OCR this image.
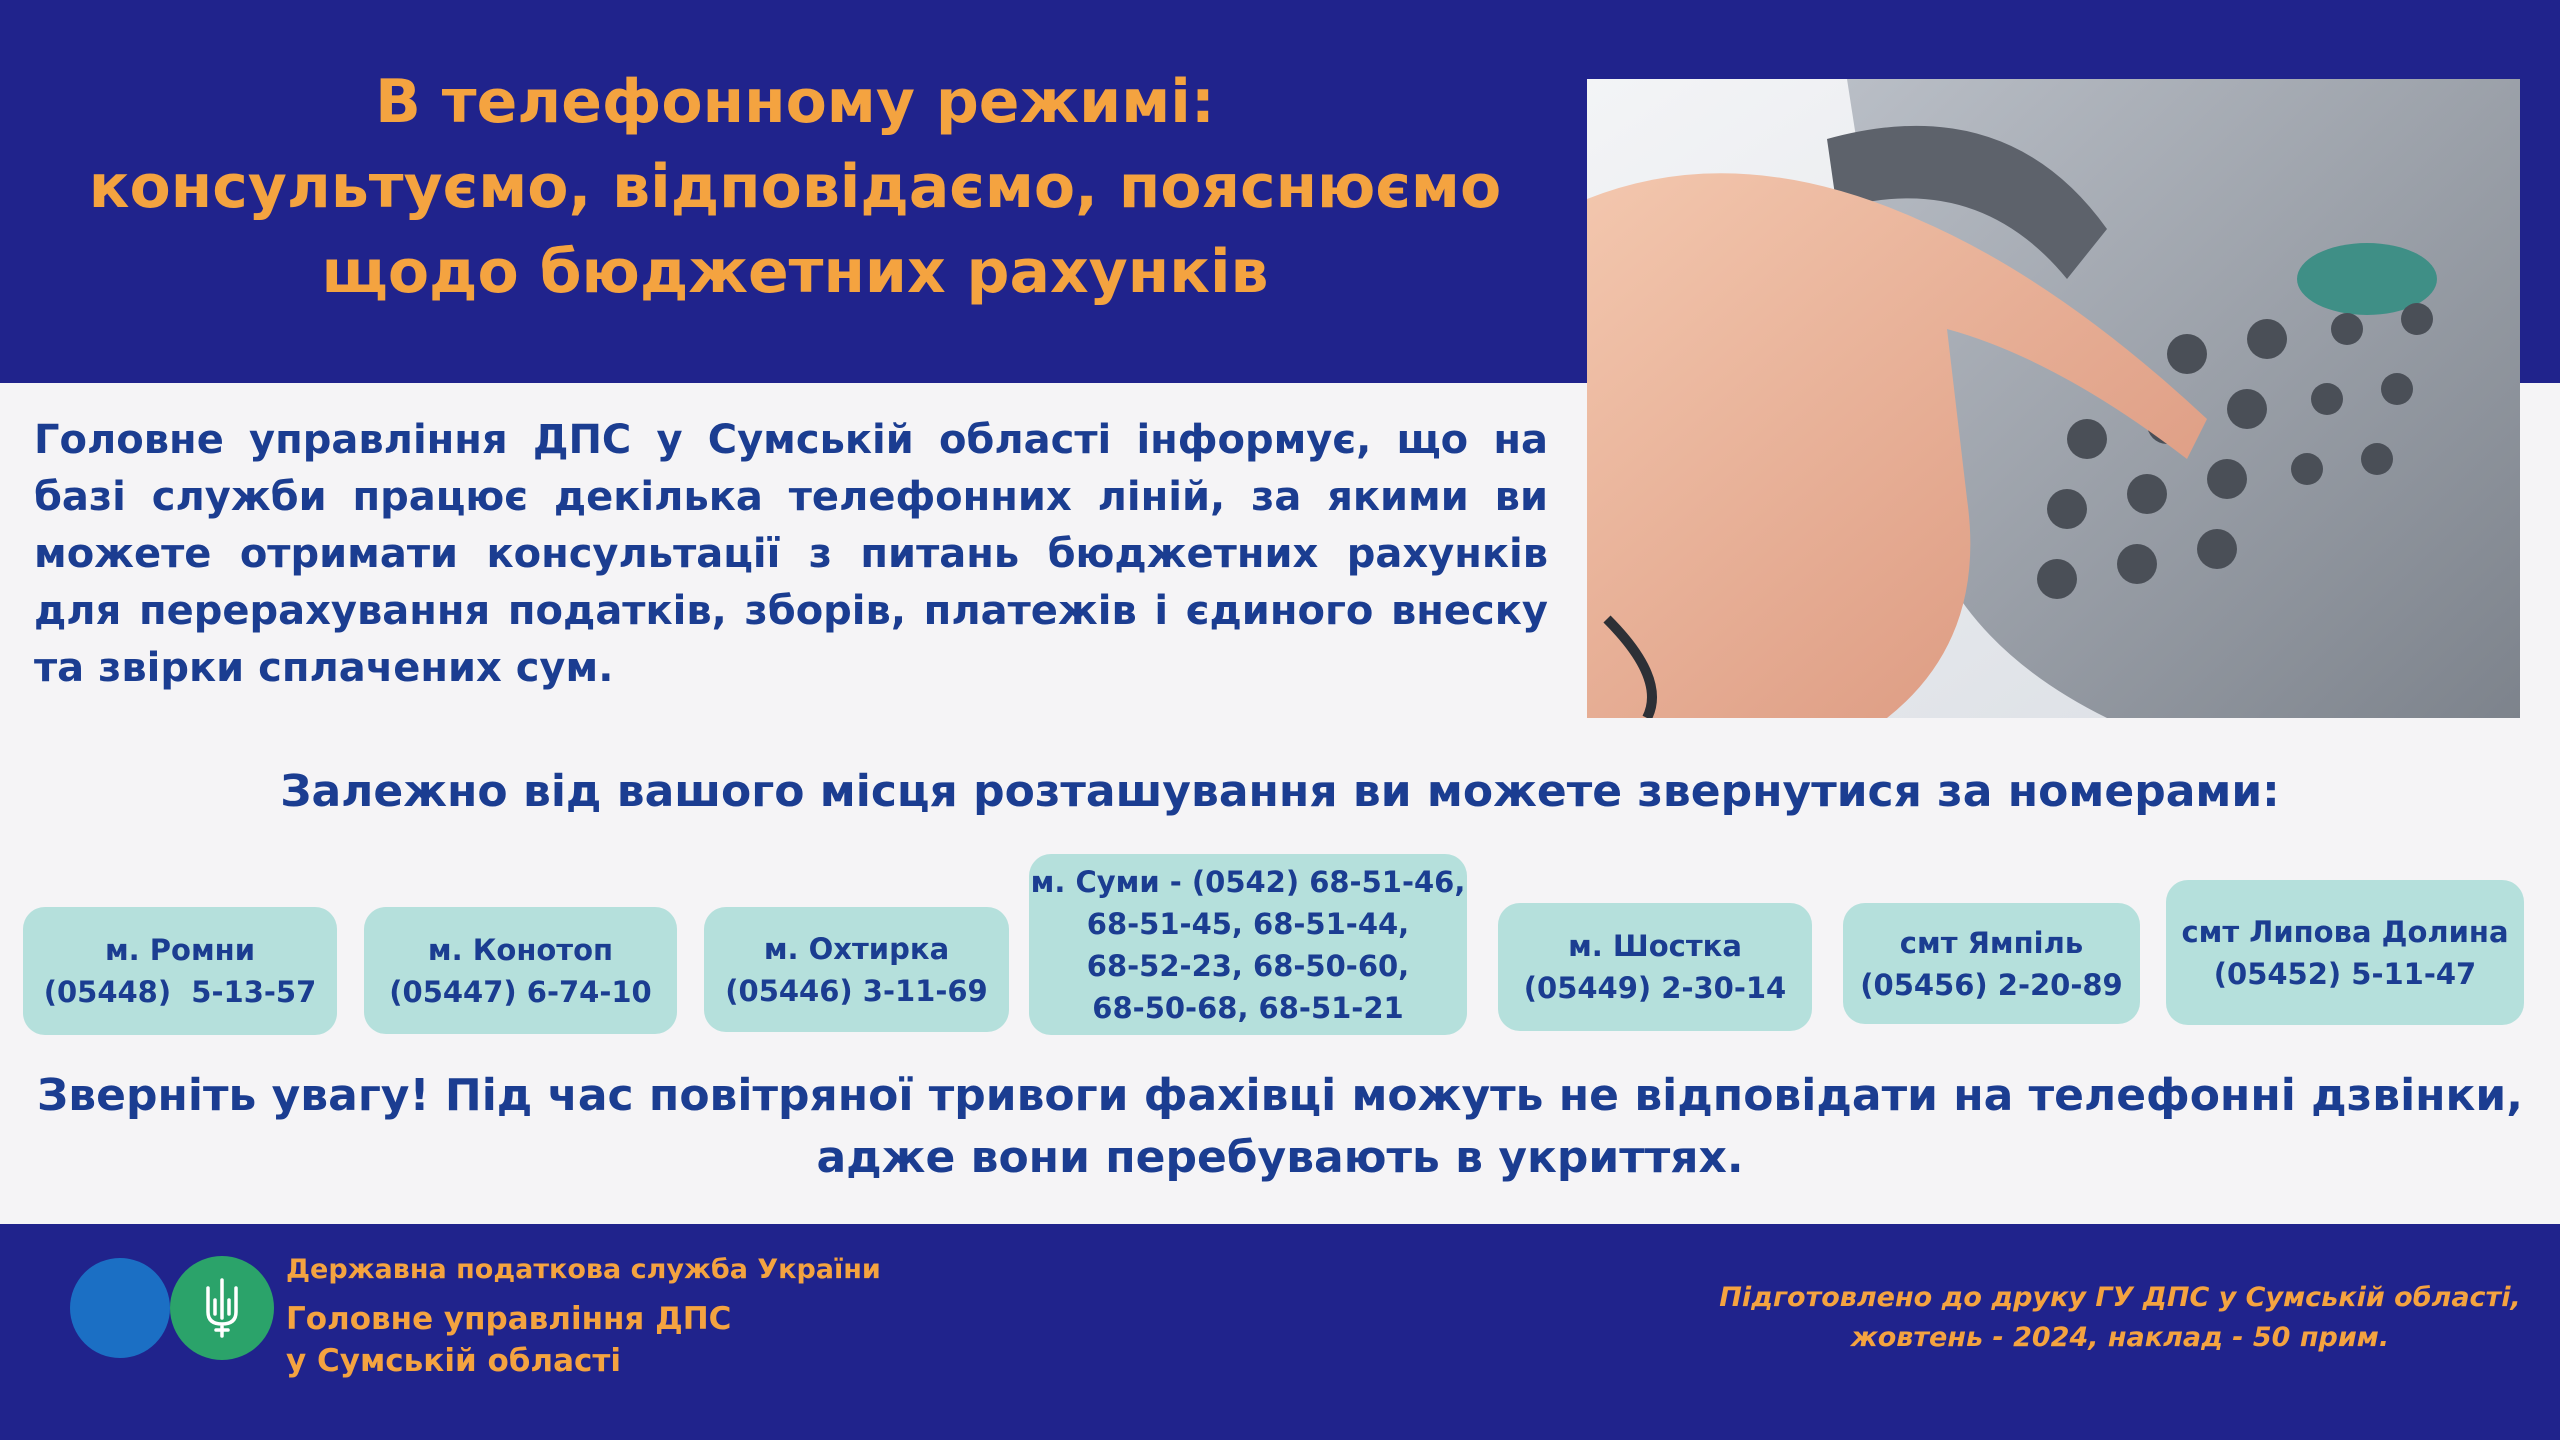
В телефонному режимі:
консультуємо, відповідаємо, пояснюємо
щодо бюджетних рахунків
Головне управління ДПС у Сумській області інформує, що на базі служби працює декілька телефонних ліній, за якими ви можете отримати консультації з питань бюджетних рахунків для перерахування податків, зборів, платежів і єдиного внеску та звірки сплачених сум.
Залежно від вашого місця розташування ви можете звернутися за номерами:
м. Ромни
(05448)  5-13-57
м. Конотоп
(05447) 6-74-10
м. Охтирка
(05446) 3-11-69
м. Суми - (0542) 68-51-46,
68-51-45, 68-51-44,
68-52-23, 68-50-60,
68-50-68, 68-51-21
м. Шостка
(05449) 2-30-14
смт Ямпіль
(05456) 2-20-89
смт Липова Долина
(05452) 5-11-47
Зверніть увагу! Під час повітряної тривоги фахівці можуть не відповідати на телефонні дзвінки,
адже вони перебувають в укриттях.
Державна податкова служба України
Головне управління ДПС
у Сумській області
Підготовлено до друку ГУ ДПС у Сумській області,
жовтень - 2024, наклад - 50 прим.
